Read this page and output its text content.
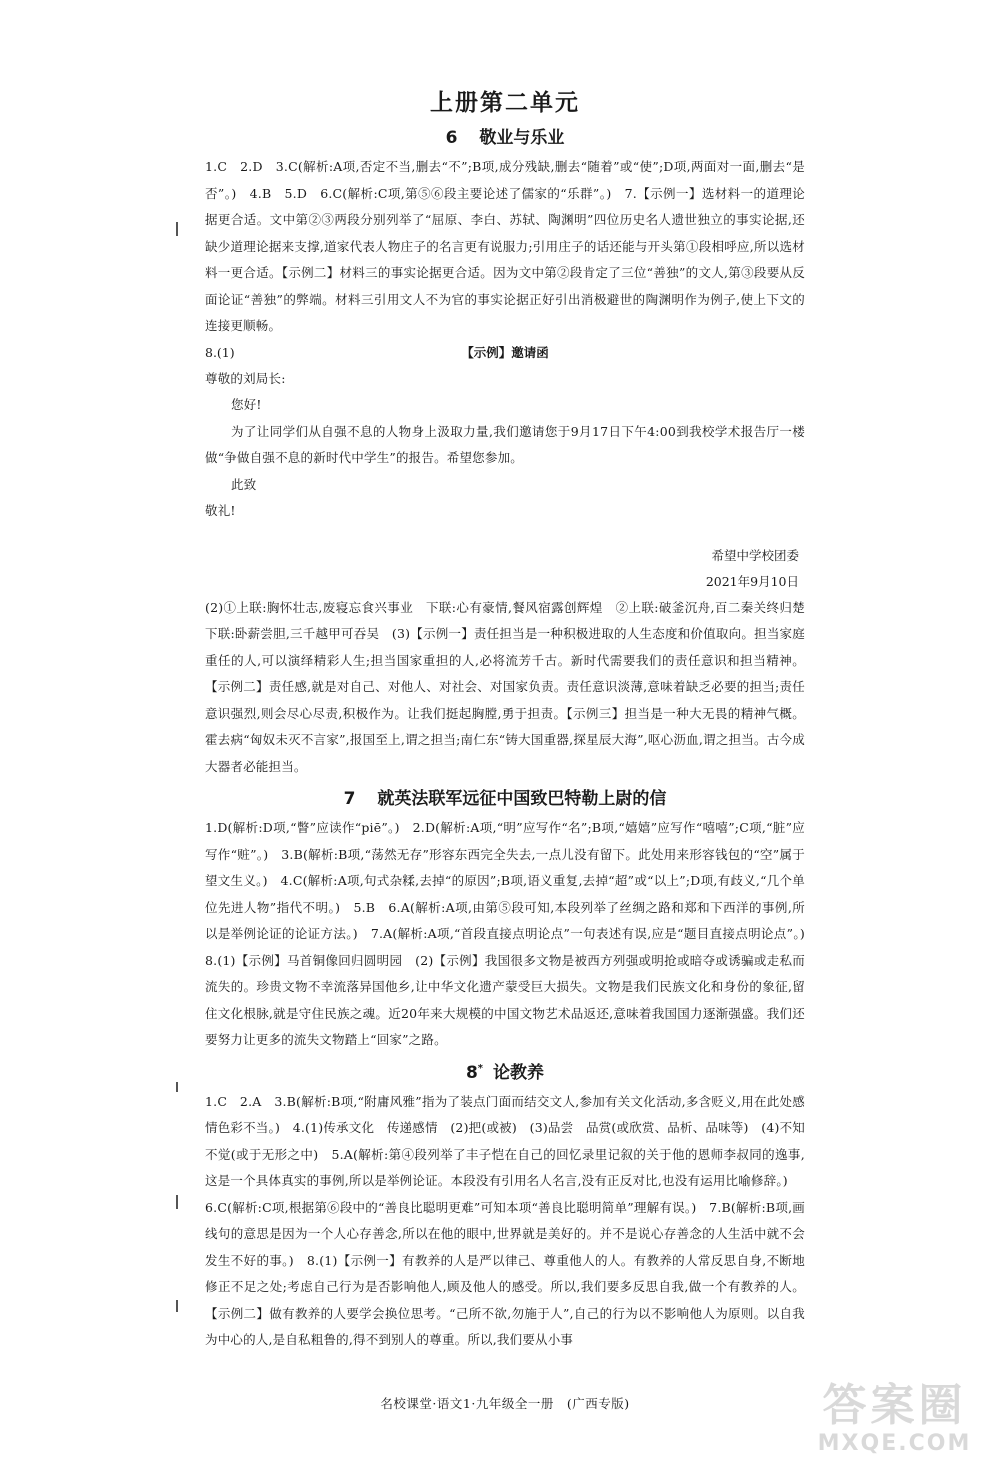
上册第二单元
6 敬业与乐业

1.C　2.D　3.C(解析:A项,否定不当,删去“不”;B项,成分残缺,删去“随着”或“使”;D项,两面对一面,删去“是否”。)　4.B　5.D　6.C(解析:C项,第⑤⑥段主要论述了儒家的“乐群”。)　7.【示例一】选材料一的道理论据更合适。文中第②③两段分别列举了“屈原、李白、苏轼、陶渊明”四位历史名人遗世独立的事实论据,还缺少道理论据来支撑,道家代表人物庄子的名言更有说服力;引用庄子的话还能与开头第①段相呼应,所以选材料一更合适。【示例二】材料三的事实论据更合适。因为文中第②段肯定了三位“善独”的文人,第③段要从反面论证“善独”的弊端。材料三引用文人不为官的事实论据正好引出消极避世的陶渊明作为例子,使上下文的连接更顺畅。

8.(1)	【示例】邀请函

尊敬的刘局长:

您好!

为了让同学们从自强不息的人物身上汲取力量,我们邀请您于9月17日下午4:00到我校学术报告厅一楼做“争做自强不息的新时代中学生”的报告。希望您参加。

此致

敬礼!

希望中学校团委
2021年9月10日

(2)①上联:胸怀壮志,废寝忘食兴事业　下联:心有豪情,餐风宿露创辉煌　②上联:破釜沉舟,百二秦关终归楚　下联:卧薪尝胆,三千越甲可吞吴　(3)【示例一】责任担当是一种积极进取的人生态度和价值取向。担当家庭重任的人,可以演绎精彩人生;担当国家重担的人,必将流芳千古。新时代需要我们的责任意识和担当精神。【示例二】责任感,就是对自己、对他人、对社会、对国家负责。责任意识淡薄,意味着缺乏必要的担当;责任意识强烈,则会尽心尽责,积极作为。让我们挺起胸膛,勇于担责。【示例三】担当是一种大无畏的精神气概。霍去病“匈奴未灭不言家”,报国至上,谓之担当;南仁东“铸大国重器,探星辰大海”,呕心沥血,谓之担当。古今成大器者必能担当。

7 就英法联军远征中国致巴特勒上尉的信

1.D(解析:D项,“瞥”应读作“piē”。)　2.D(解析:A项,“明”应写作“名”;B项,“嬉嬉”应写作“嘻嘻”;C项,“脏”应写作“赃”。)　3.B(解析:B项,“荡然无存”形容东西完全失去,一点儿没有留下。此处用来形容钱包的“空”属于望文生义。)　4.C(解析:A项,句式杂糅,去掉“的原因”;B项,语义重复,去掉“超”或“以上”;D项,有歧义,“几个单位先进人物”指代不明。)　5.B　6.A(解析:A项,由第⑤段可知,本段列举了丝绸之路和郑和下西洋的事例,所以是举例论证的论证方法。)　7.A(解析:A项,“首段直接点明论点”一句表述有误,应是“题目直接点明论点”。)　8.(1)【示例】马首铜像回归圆明园　(2)【示例】我国很多文物是被西方列强或明抢或暗夺或诱骗或走私而流失的。珍贵文物不幸流落异国他乡,让中华文化遗产蒙受巨大损失。文物是我们民族文化和身份的象征,留住文化根脉,就是守住民族之魂。近20年来大规模的中国文物艺术品返还,意味着我国国力逐渐强盛。我们还要努力让更多的流失文物踏上“回家”之路。

8* 论教养

1.C　2.A　3.B(解析:B项,“附庸风雅”指为了装点门面而结交文人,参加有关文化活动,多含贬义,用在此处感情色彩不当。)　4.(1)传承文化　传递感情　(2)把(或被)　(3)品尝　品赏(或欣赏、品析、品味等)　(4)不知不觉(或于无形之中)　5.A(解析:第④段列举了丰子恺在自己的回忆录里记叙的关于他的恩师李叔同的逸事,这是一个具体真实的事例,所以是举例论证。本段没有引用名人名言,没有正反对比,也没有运用比喻修辞。)

6.C(解析:C项,根据第⑥段中的“善良比聪明更难”可知本项“善良比聪明简单”理解有误。)　7.B(解析:B项,画线句的意思是因为一个人心存善念,所以在他的眼中,世界就是美好的。并不是说心存善念的人生活中就不会发生不好的事。)　8.(1)【示例一】有教养的人是严以律己、尊重他人的人。有教养的人常反思自身,不断地修正不足之处;考虑自己行为是否影响他人,顾及他人的感受。所以,我们要多反思自我,做一个有教养的人。【示例二】做有教养的人要学会换位思考。“己所不欲,勿施于人”,自己的行为以不影响他人为原则。以自我为中心的人,是自私粗鲁的,得不到别人的尊重。所以,我们要从小事

名校课堂·语文1·九年级全一册　(广西专版)	答案圈
MXQE.COM
